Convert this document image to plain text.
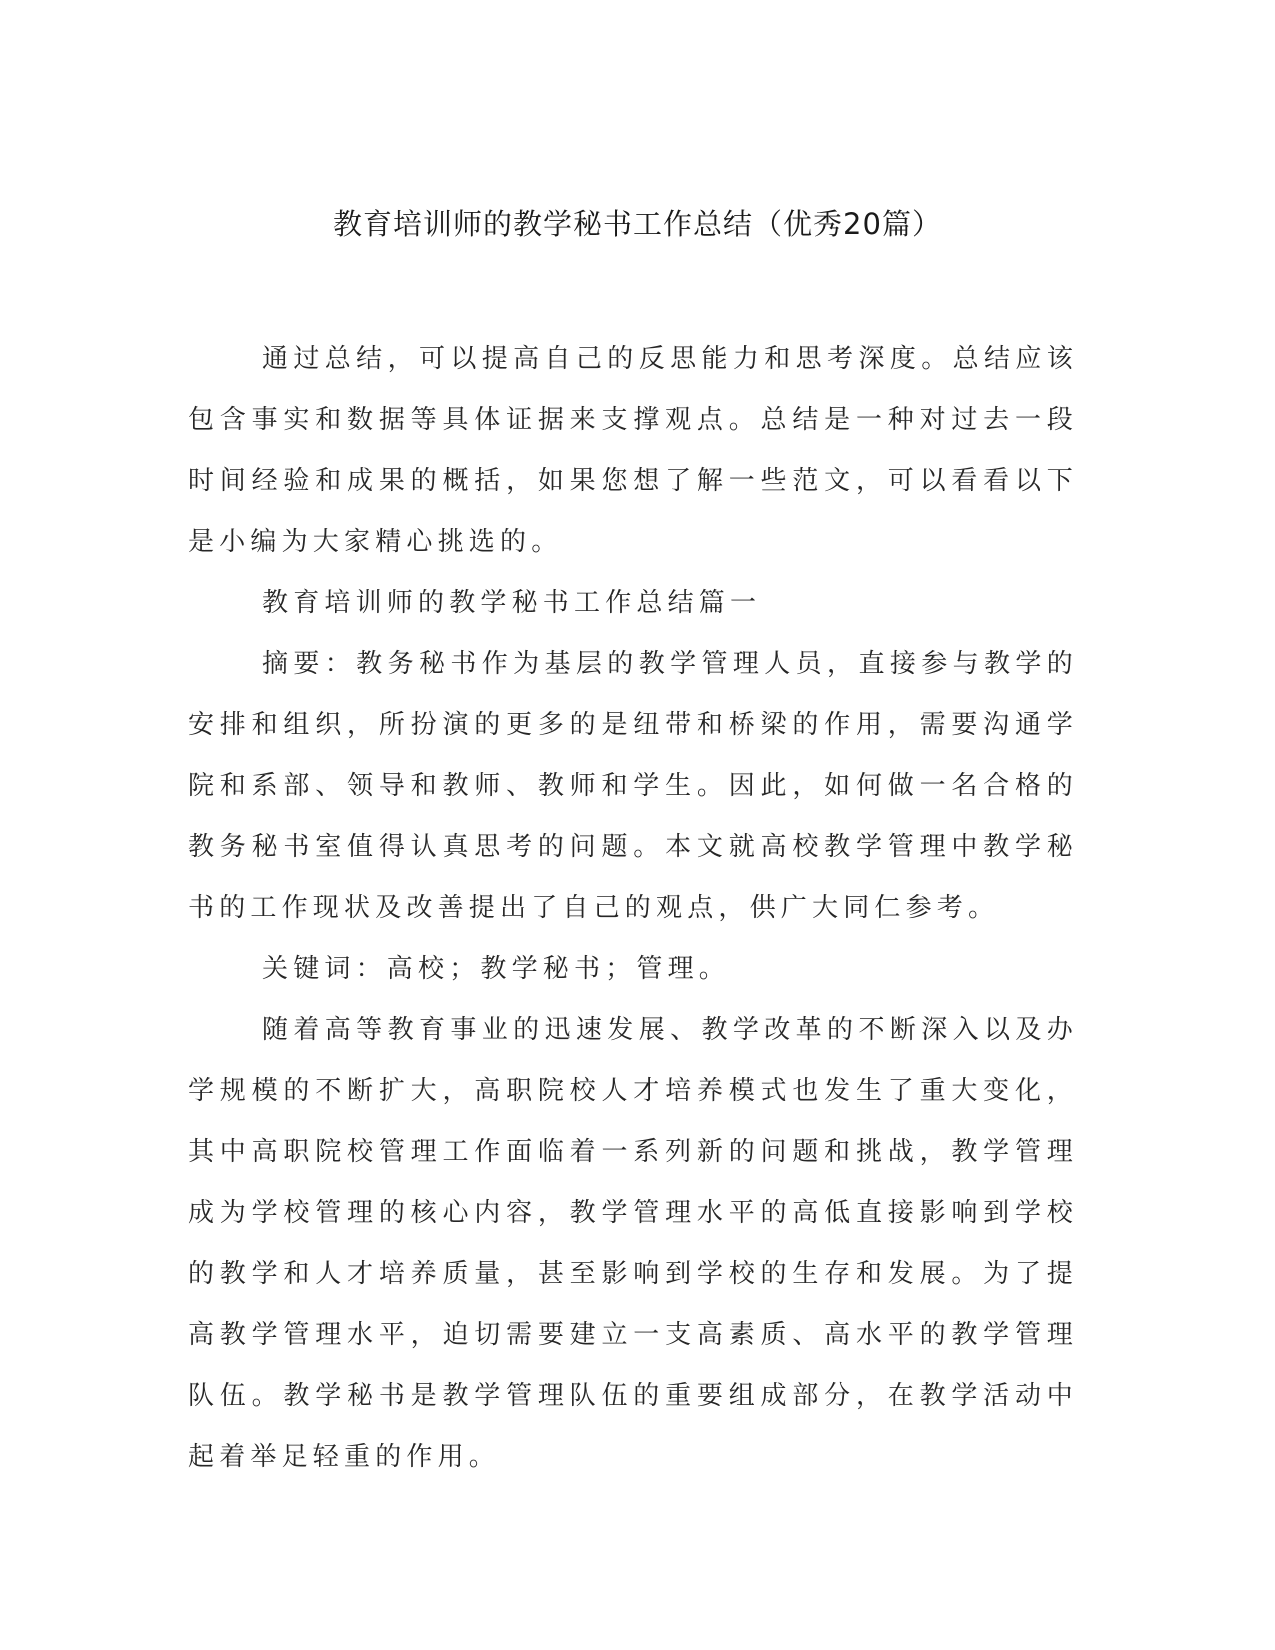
教育培训师的教学秘书工作总结（优秀20篇）

通过总结，可以提高自己的反思能力和思考深度。总结应该包含事实和数据等具体证据来支撑观点。总结是一种对过去一段时间经验和成果的概括，如果您想了解一些范文，可以看看以下是小编为大家精心挑选的。

教育培训师的教学秘书工作总结篇一

摘要：教务秘书作为基层的教学管理人员，直接参与教学的安排和组织，所扮演的更多的是纽带和桥梁的作用，需要沟通学院和系部、领导和教师、教师和学生。因此，如何做一名合格的教务秘书室值得认真思考的问题。本文就高校教学管理中教学秘书的工作现状及改善提出了自己的观点，供广大同仁参考。

关键词：高校；教学秘书；管理。

随着高等教育事业的迅速发展、教学改革的不断深入以及办学规模的不断扩大，高职院校人才培养模式也发生了重大变化，其中高职院校管理工作面临着一系列新的问题和挑战，教学管理成为学校管理的核心内容，教学管理水平的高低直接影响到学校的教学和人才培养质量，甚至影响到学校的生存和发展。为了提高教学管理水平，迫切需要建立一支高素质、高水平的教学管理队伍。教学秘书是教学管理队伍的重要组成部分，在教学活动中起着举足轻重的作用。
